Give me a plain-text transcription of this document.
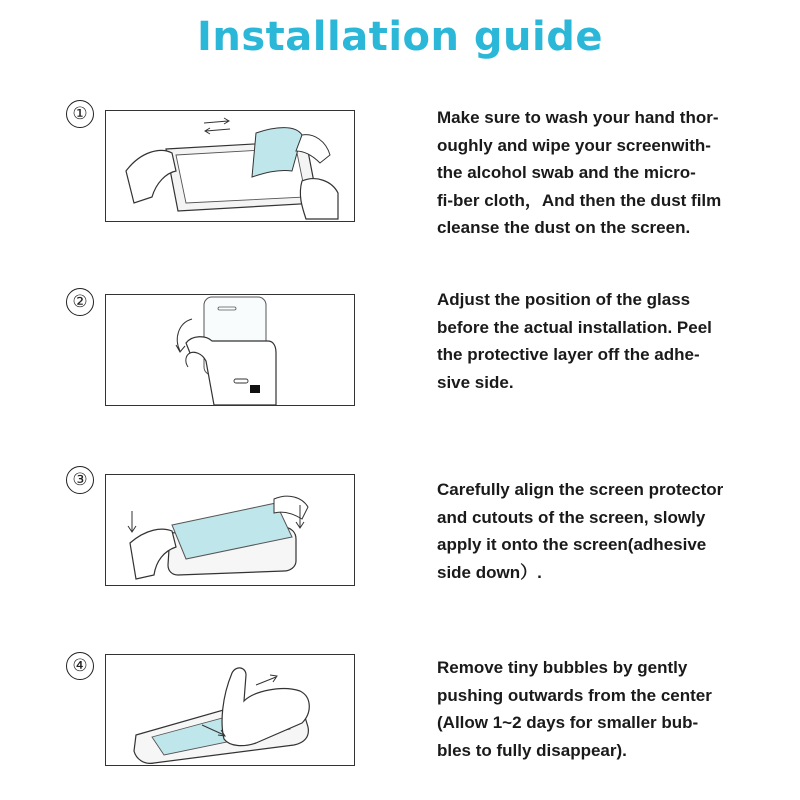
Installation guide
①	Make sure to wash your hand thor-
oughly and wipe your screenwith-
the alcohol swab and the micro-
fi-ber cloth，And then the dust film
cleanse the dust on the screen.
②	Adjust the position of the glass
before the actual installation. Peel
the protective layer off the adhe-
sive side.
③	Carefully align the screen protector
and cutouts of the screen, slowly
apply it onto the screen(adhesive
side down）.
④	Remove tiny bubbles by gently
pushing outwards from the center
(Allow 1~2 days for smaller bub-
bles to fully disappear).
